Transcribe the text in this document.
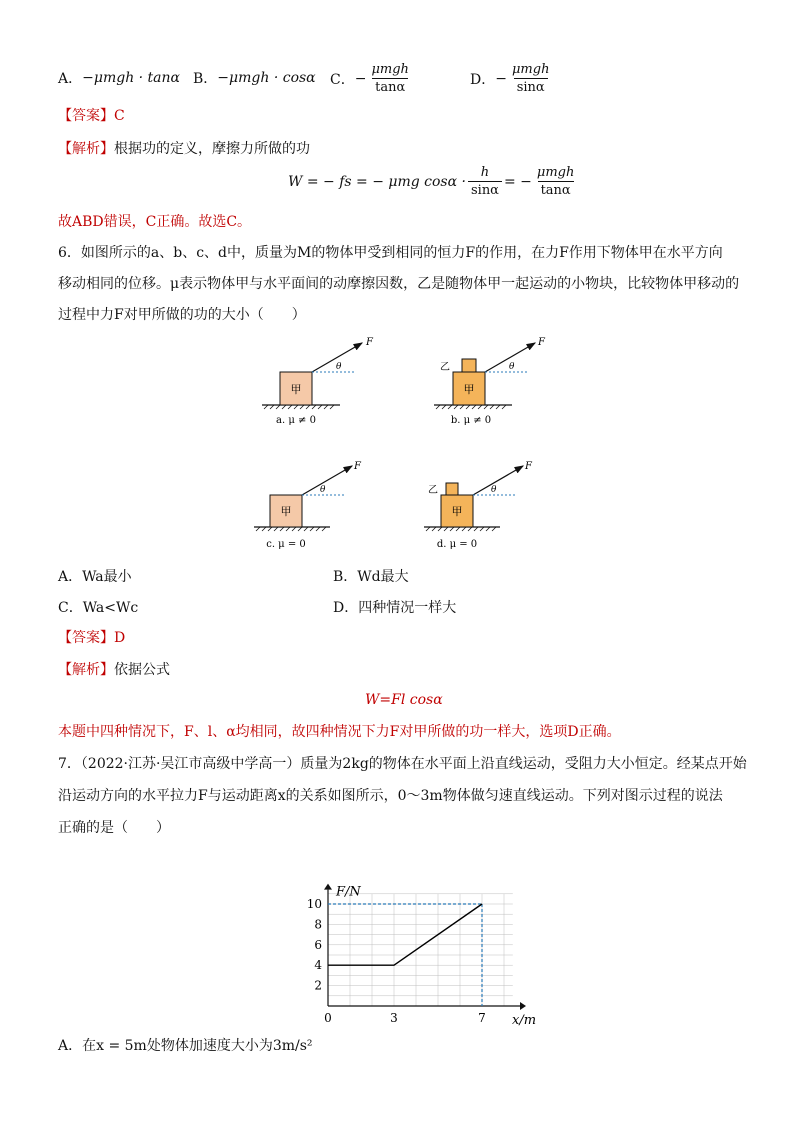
A． −μmgh · tanα B． −μmgh · cosα C． − $\frac{\text{μmgh}}{\tan\alpha}$	D． − $\frac{\text{μmgh}}{\sin\alpha}$
【答案】C
【解析】根据功的定义，摩擦力所做的功
W = − fs = − μmg $\cos\alpha \cdot \frac{h}{\sin\alpha}$ = − $\frac{\text{μmgh}}{\tan\alpha}$
故ABD错误，C正确。故选C。
6．如图所示的a、b、c、d中，质量为M的物体甲受到相同的恒力F的作用，在力F作用下物体甲在水平方向
移动相同的位移。μ表示物体甲与水平面间的动摩擦因数，乙是随物体甲一起运动的小物块，比较物体甲移动的
过程中力F对甲所做的功的大小（　　）
甲
F
θ
a. μ ≠ 0
甲
乙
F
θ
b. μ ≠ 0
甲
F
θ
c. μ = 0
甲
乙
F
θ
d. μ = 0
A．Wa最小	B．Wd最大
C．Wa<Wc	D．四种情况一样大
【答案】D
【解析】依据公式
W=Fl cosα
本题中四种情况下，F、l、α均相同，故四种情况下力F对甲所做的功一样大，选项D正确。
7．（2022·江苏·吴江市高级中学高一）质量为2kg的物体在水平面上沿直线运动，受阻力大小恒定。经某点开始
沿运动方向的水平拉力F与运动距离x的关系如图所示，0～3m物体做匀速直线运动。下列对图示过程的说法
正确的是（　　）
F/N
x/m
2
4
6
8
10
0	3	7
A．在x = 5m处物体加速度大小为3m/s²
